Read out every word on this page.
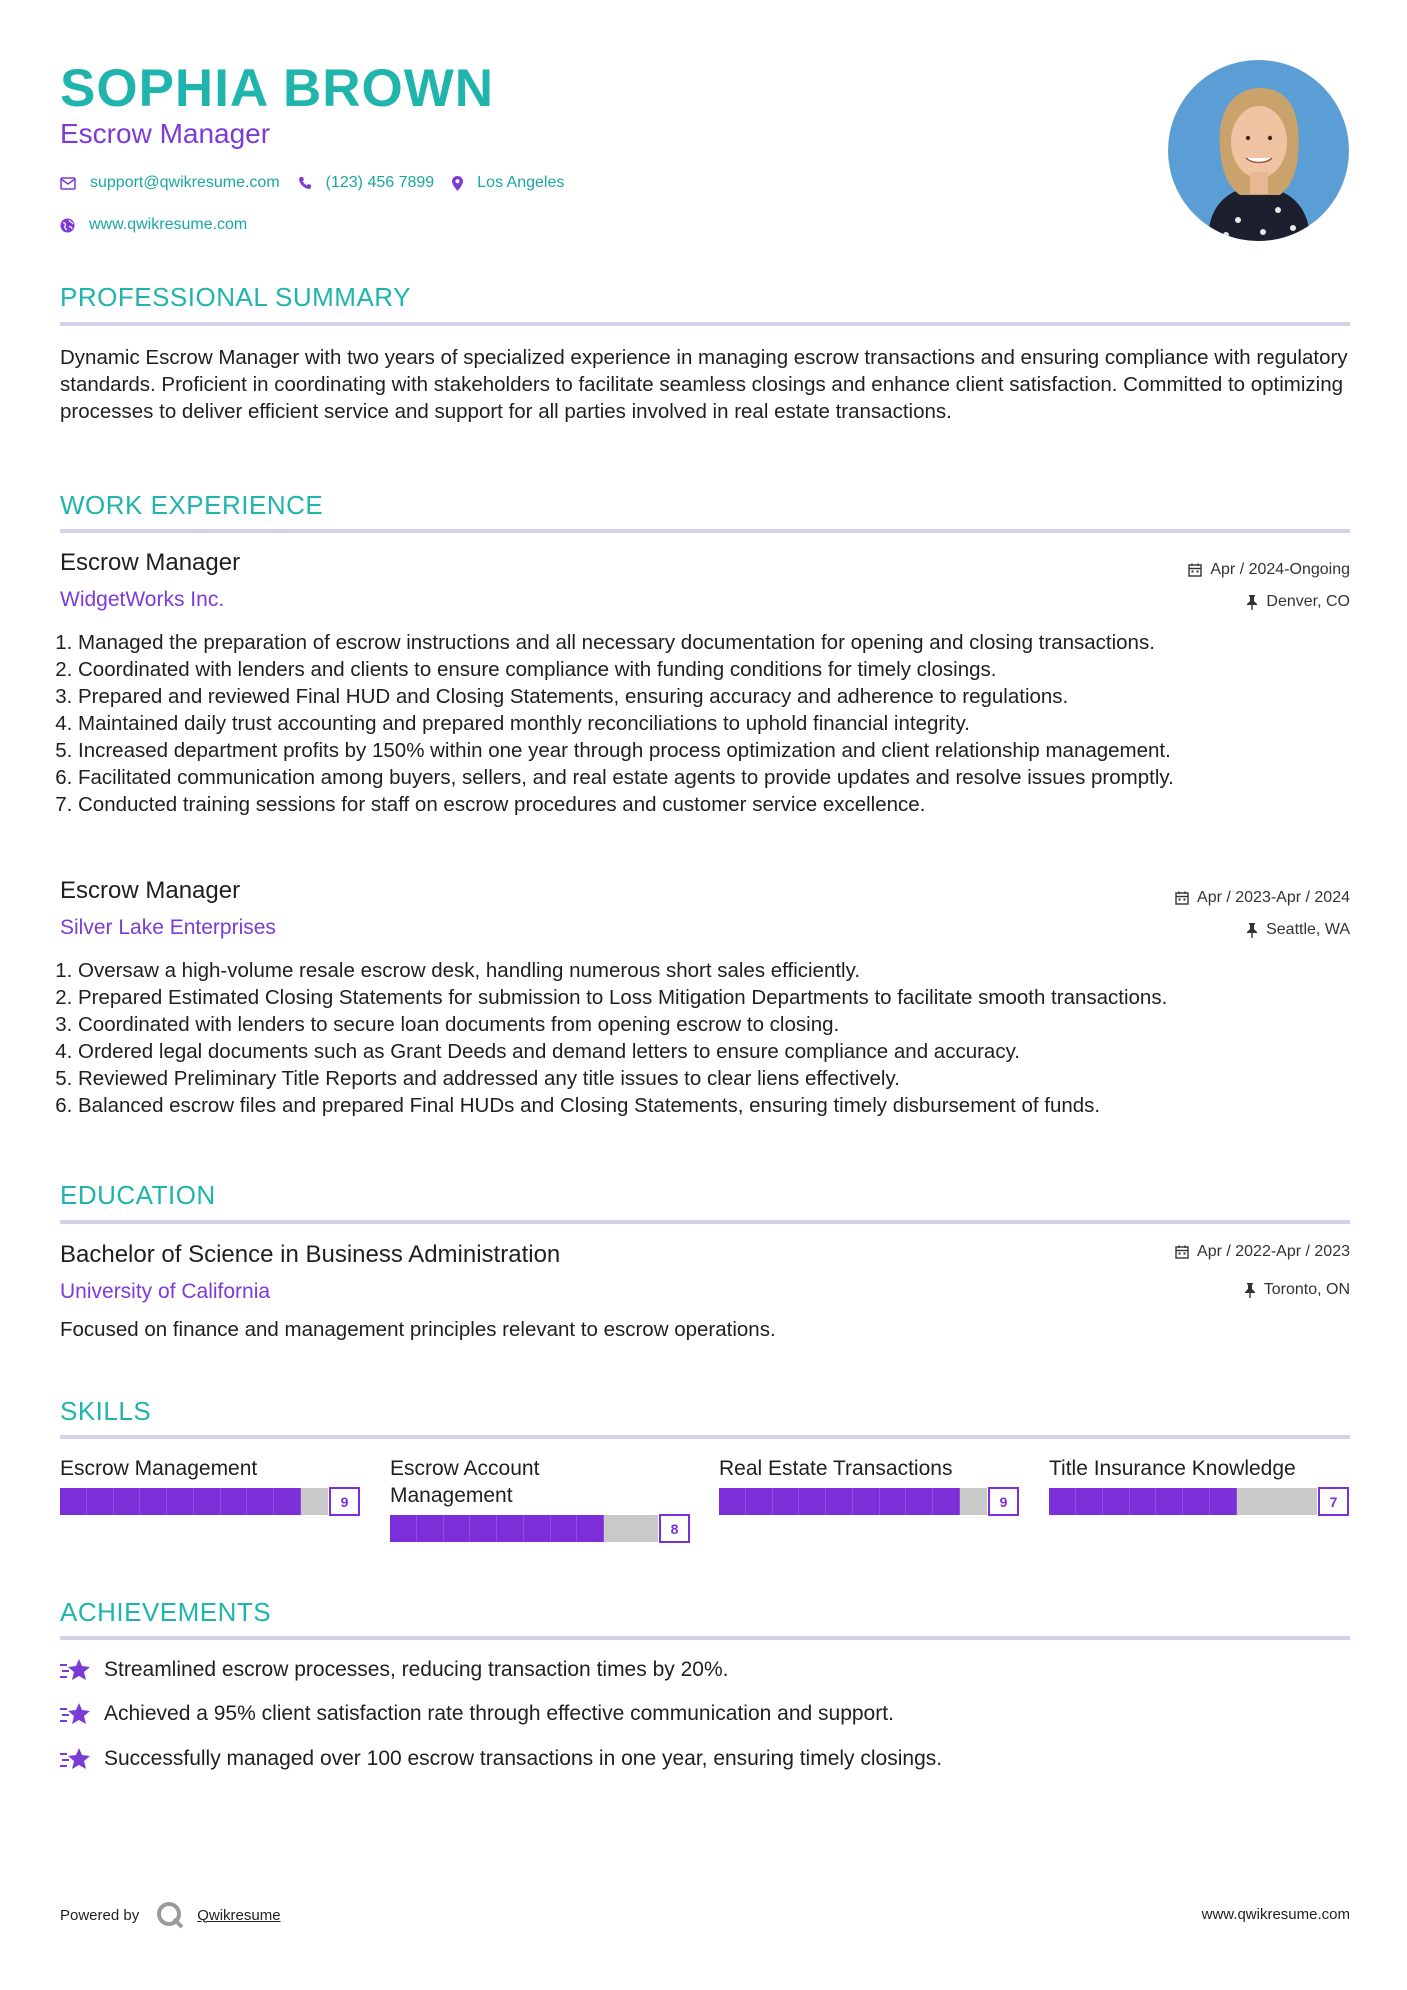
SOPHIA BROWN
Escrow Manager
support@qwikresume.com	(123) 456 7899	Los Angeles
www.qwikresume.com
PROFESSIONAL SUMMARY

Dynamic Escrow Manager with two years of specialized experience in managing escrow transactions and ensuring compliance with regulatory standards. Proficient in coordinating with stakeholders to facilitate seamless closings and enhance client satisfaction. Committed to optimizing processes to deliver efficient service and support for all parties involved in real estate transactions.

WORK EXPERIENCE
Escrow Manager
WidgetWorks Inc.
Apr / 2024-Ongoing
Denver, CO
1. Managed the preparation of escrow instructions and all necessary documentation for opening and closing transactions.
2. Coordinated with lenders and clients to ensure compliance with funding conditions for timely closings.
3. Prepared and reviewed Final HUD and Closing Statements, ensuring accuracy and adherence to regulations.
4. Maintained daily trust accounting and prepared monthly reconciliations to uphold financial integrity.
5. Increased department profits by 150% within one year through process optimization and client relationship management.
6. Facilitated communication among buyers, sellers, and real estate agents to provide updates and resolve issues promptly.
7. Conducted training sessions for staff on escrow procedures and customer service excellence.
Escrow Manager
Silver Lake Enterprises
Apr / 2023-Apr / 2024
Seattle, WA
1. Oversaw a high-volume resale escrow desk, handling numerous short sales efficiently.
2. Prepared Estimated Closing Statements for submission to Loss Mitigation Departments to facilitate smooth transactions.
3. Coordinated with lenders to secure loan documents from opening escrow to closing.
4. Ordered legal documents such as Grant Deeds and demand letters to ensure compliance and accuracy.
5. Reviewed Preliminary Title Reports and addressed any title issues to clear liens effectively.
6. Balanced escrow files and prepared Final HUDs and Closing Statements, ensuring timely disbursement of funds.
EDUCATION
Bachelor of Science in Business Administration
University of California
Apr / 2022-Apr / 2023
Toronto, ON

Focused on finance and management principles relevant to escrow operations.

SKILLS
Escrow Management
9
Escrow Account Management
8
Real Estate Transactions
9
Title Insurance Knowledge
7
ACHIEVEMENTS
Streamlined escrow processes, reducing transaction times by 20%.
Achieved a 95% client satisfaction rate through effective communication and support.
Successfully managed over 100 escrow transactions in one year, ensuring timely closings.
Powered by	Qwikresume	www.qwikresume.com
